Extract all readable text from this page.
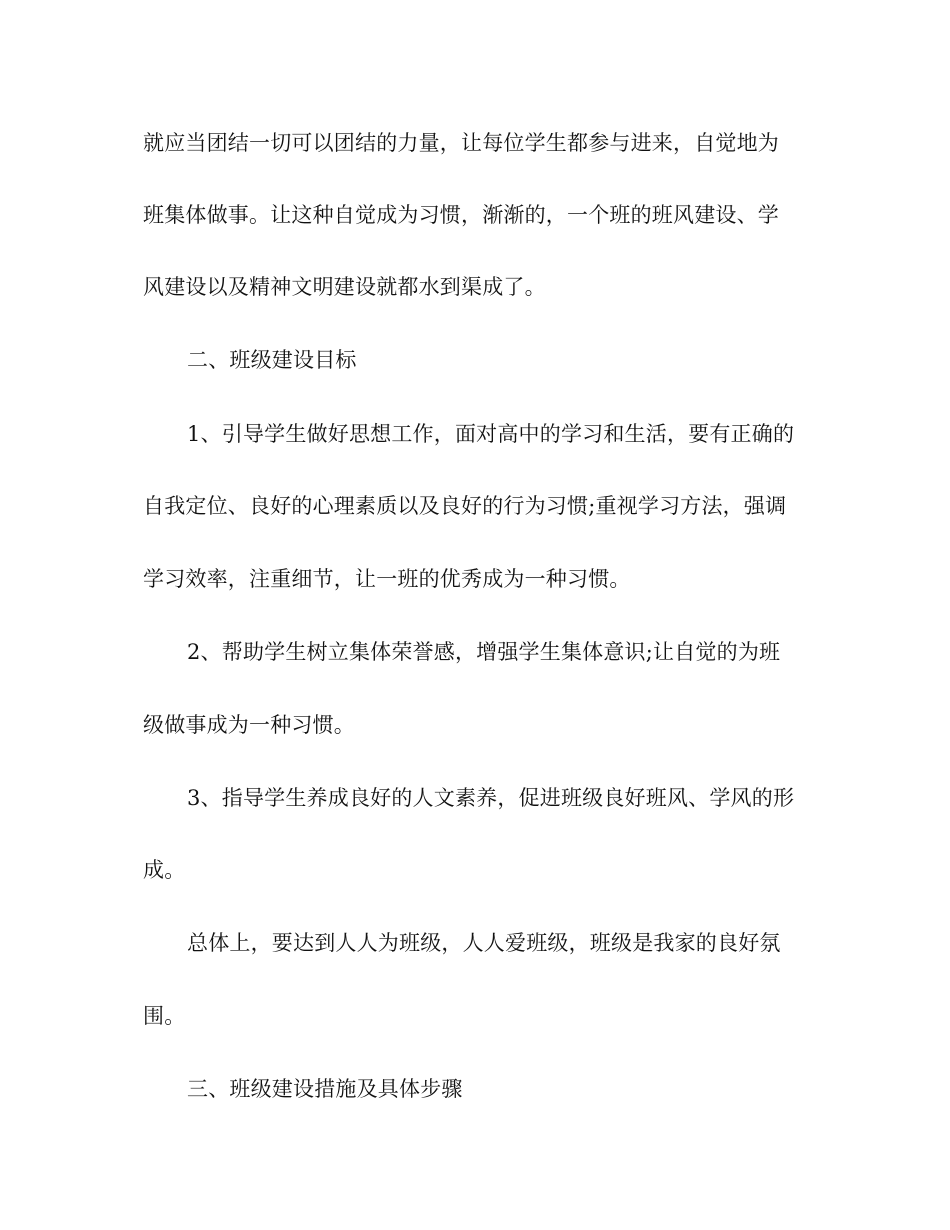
就应当团结一切可以团结的力量，让每位学生都参与进来，自觉地为
班集体做事。让这种自觉成为习惯，渐渐的，一个班的班风建设、学
风建设以及精神文明建设就都水到渠成了。
二、班级建设目标
1、引导学生做好思想工作，面对高中的学习和生活，要有正确的
自我定位、良好的心理素质以及良好的行为习惯;重视学习方法，强调
学习效率，注重细节，让一班的优秀成为一种习惯。
2、帮助学生树立集体荣誉感，增强学生集体意识;让自觉的为班
级做事成为一种习惯。
3、指导学生养成良好的人文素养，促进班级良好班风、学风的形
成。
总体上，要达到人人为班级，人人爱班级，班级是我家的良好氛
围。
三、班级建设措施及具体步骤
